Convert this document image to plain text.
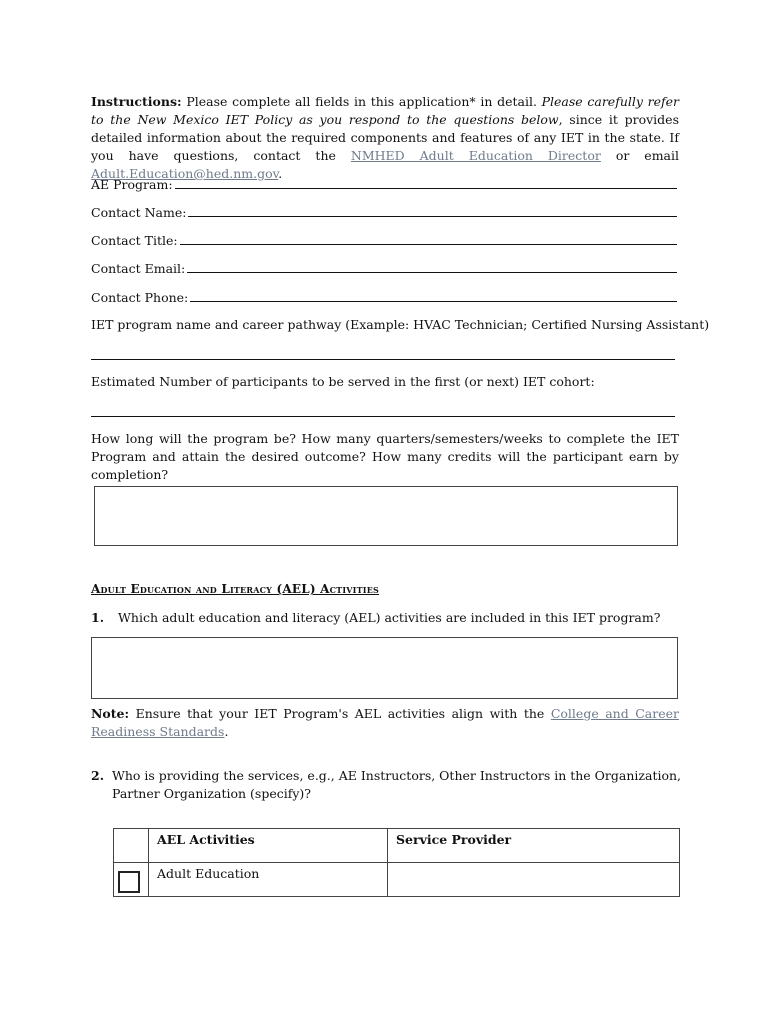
Instructions: Please complete all fields in this application* in detail. Please carefully refer to the New Mexico IET Policy as you respond to the questions below, since it provides detailed information about the required components and features of any IET in the state. If you have questions, contact the NMHED Adult Education Director or email Adult.Education@hed.nm.gov.
AE Program:
Contact Name:
Contact Title:
Contact Email:
Contact Phone:
IET program name and career pathway (Example: HVAC Technician; Certified Nursing Assistant)
Estimated Number of participants to be served in the first (or next) IET cohort:
How long will the program be? How many quarters/semesters/weeks to complete the IET Program and attain the desired outcome? How many credits will the participant earn by completion?
Adult Education and Literacy (AEL) Activities
1. Which adult education and literacy (AEL) activities are included in this IET program?
Note: Ensure that your IET Program's AEL activities align with the College and Career Readiness Standards.
2. Who is providing the services, e.g., AE Instructors, Other Instructors in the Organization, Partner Organization (specify)?
	AEL Activities	Service Provider
	Adult Education	
